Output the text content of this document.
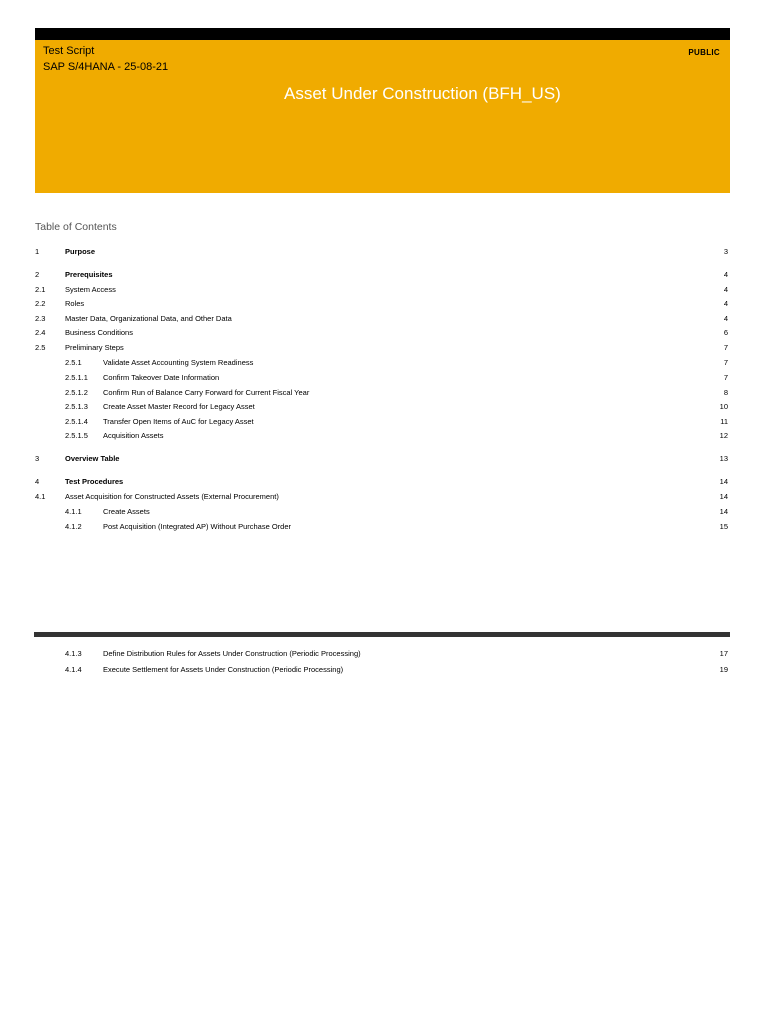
Test Script
SAP S/4HANA - 25-08-21
PUBLIC
Asset Under Construction (BFH_US)
Table of Contents
1	Purpose	3
2	Prerequisites	4
2.1	System Access	4
2.2	Roles	4
2.3	Master Data, Organizational Data, and Other Data	4
2.4	Business Conditions	6
2.5	Preliminary Steps	7
2.5.1	Validate Asset Accounting System Readiness	7
2.5.1.1 Confirm Takeover Date Information	7
2.5.1.2 Confirm Run of Balance Carry Forward for Current Fiscal Year	8
2.5.1.3 Create Asset Master Record for Legacy Asset	10
2.5.1.4 Transfer Open Items of AuC for Legacy Asset	11
2.5.1.5 Acquisition Assets	12
3	Overview Table	13
4	Test Procedures	14
4.1	Asset Acquisition for Constructed Assets (External Procurement)	14
4.1.1	Create Assets	14
4.1.2	Post Acquisition (Integrated AP) Without Purchase Order	15
4.1.3	Define Distribution Rules for Assets Under Construction (Periodic Processing)	17
4.1.4	Execute Settlement for Assets Under Construction (Periodic Processing)	19
